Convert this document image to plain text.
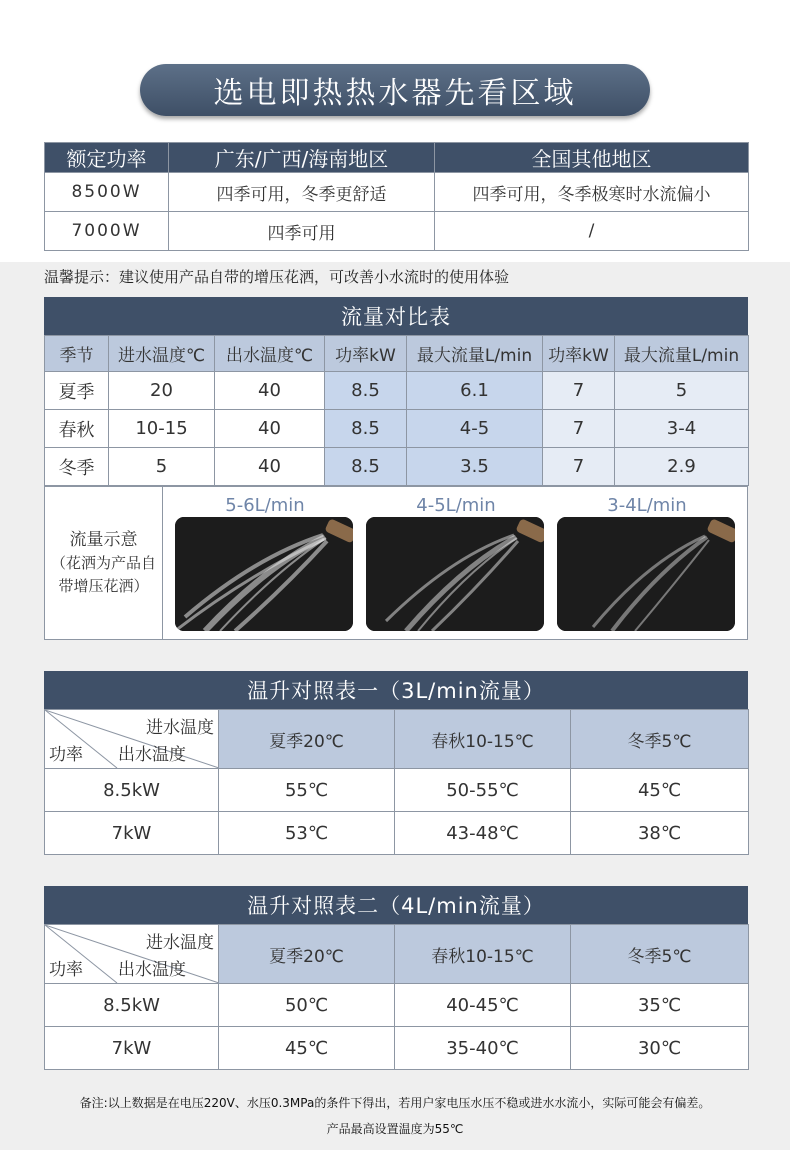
选电即热热水器先看区域
额定功率	广东/广西/海南地区	全国其他地区
8500W	四季可用，冬季更舒适	四季可用，冬季极寒时水流偏小
7000W	四季可用	/
温馨提示：建议使用产品自带的增压花洒，可改善小水流时的使用体验
流量对比表
季节	进水温度℃	出水温度℃	功率kW	最大流量L/min	功率kW	最大流量L/min
夏季	20	40	8.5	6.1	7	5
春秋	10-15	40	8.5	4-5	7	3-4
冬季	5	40	8.5	3.5	7	2.9
流量示意
（花洒为产品自
带增压花洒）
5-6L/min	4-5L/min	3-4L/min
温升对照表一（3L/min流量）
进水温度
出水温度
功率	夏季20℃	春秋10-15℃	冬季5℃
8.5kW	55℃	50-55℃	45℃
7kW	53℃	43-48℃	38℃
温升对照表二（4L/min流量）
进水温度
出水温度
功率	夏季20℃	春秋10-15℃	冬季5℃
8.5kW	50℃	40-45℃	35℃
7kW	45℃	35-40℃	30℃
备注:以上数据是在电压220V、水压0.3MPa的条件下得出，若用户家电压水压不稳或进水水流小，实际可能会有偏差。
产品最高设置温度为55℃
